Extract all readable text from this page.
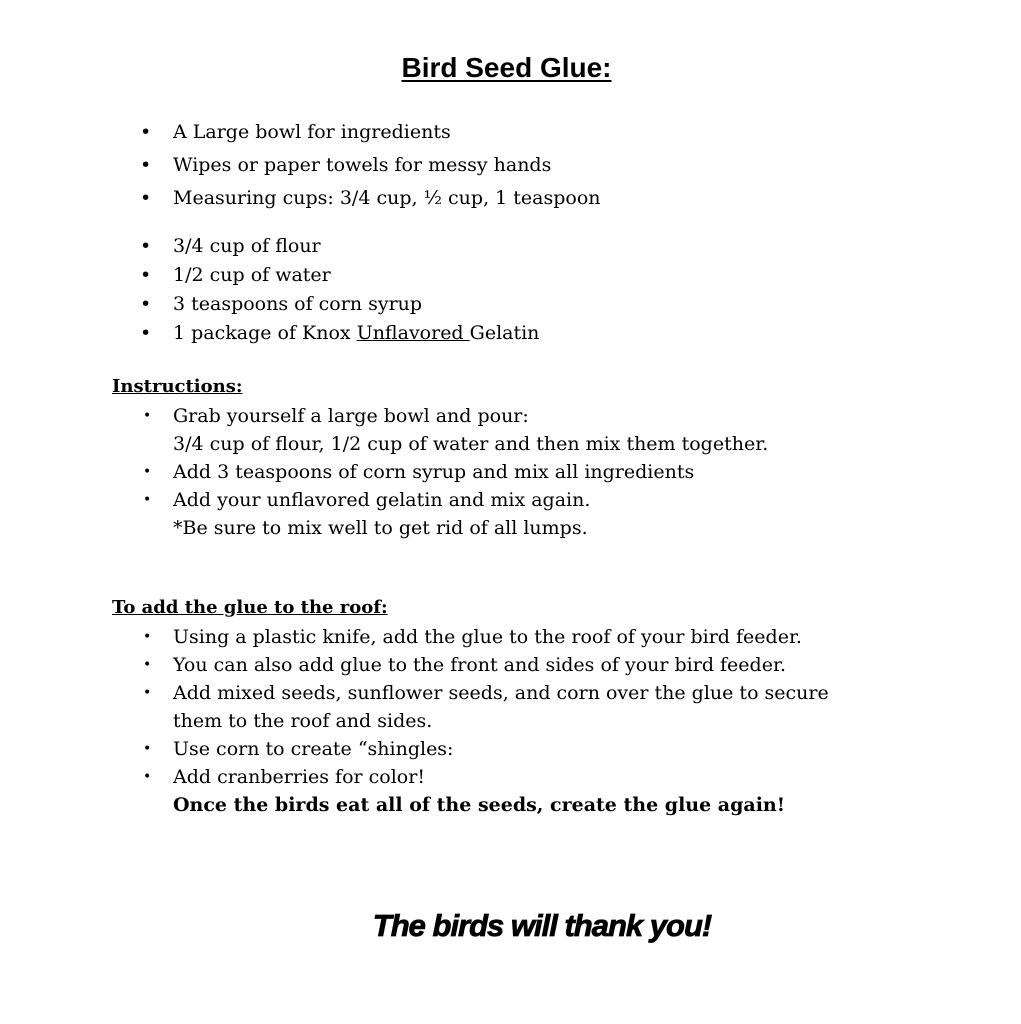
Bird Seed Glue:
• A Large bowl for ingredients
• Wipes or paper towels for messy hands
• Measuring cups: 3/4 cup, ½ cup, 1 teaspoon
• 3/4 cup of flour
• 1/2 cup of water
• 3 teaspoons of corn syrup
• 1 package of Knox Unflavored Gelatin

Instructions:

• Grab yourself a large bowl and pour:
3/4 cup of flour, 1/2 cup of water and then mix them together.
• Add 3 teaspoons of corn syrup and mix all ingredients
• Add your unflavored gelatin and mix again.
*Be sure to mix well to get rid of all lumps.

To add the glue to the roof:

• Using a plastic knife, add the glue to the roof of your bird feeder.
• You can also add glue to the front and sides of your bird feeder.
• Add mixed seeds, sunflower seeds, and corn over the glue to secure
them to the roof and sides.
• Use corn to create “shingles:
• Add cranberries for color!
Once the birds eat all of the seeds, create the glue again!

The birds will thank you!
